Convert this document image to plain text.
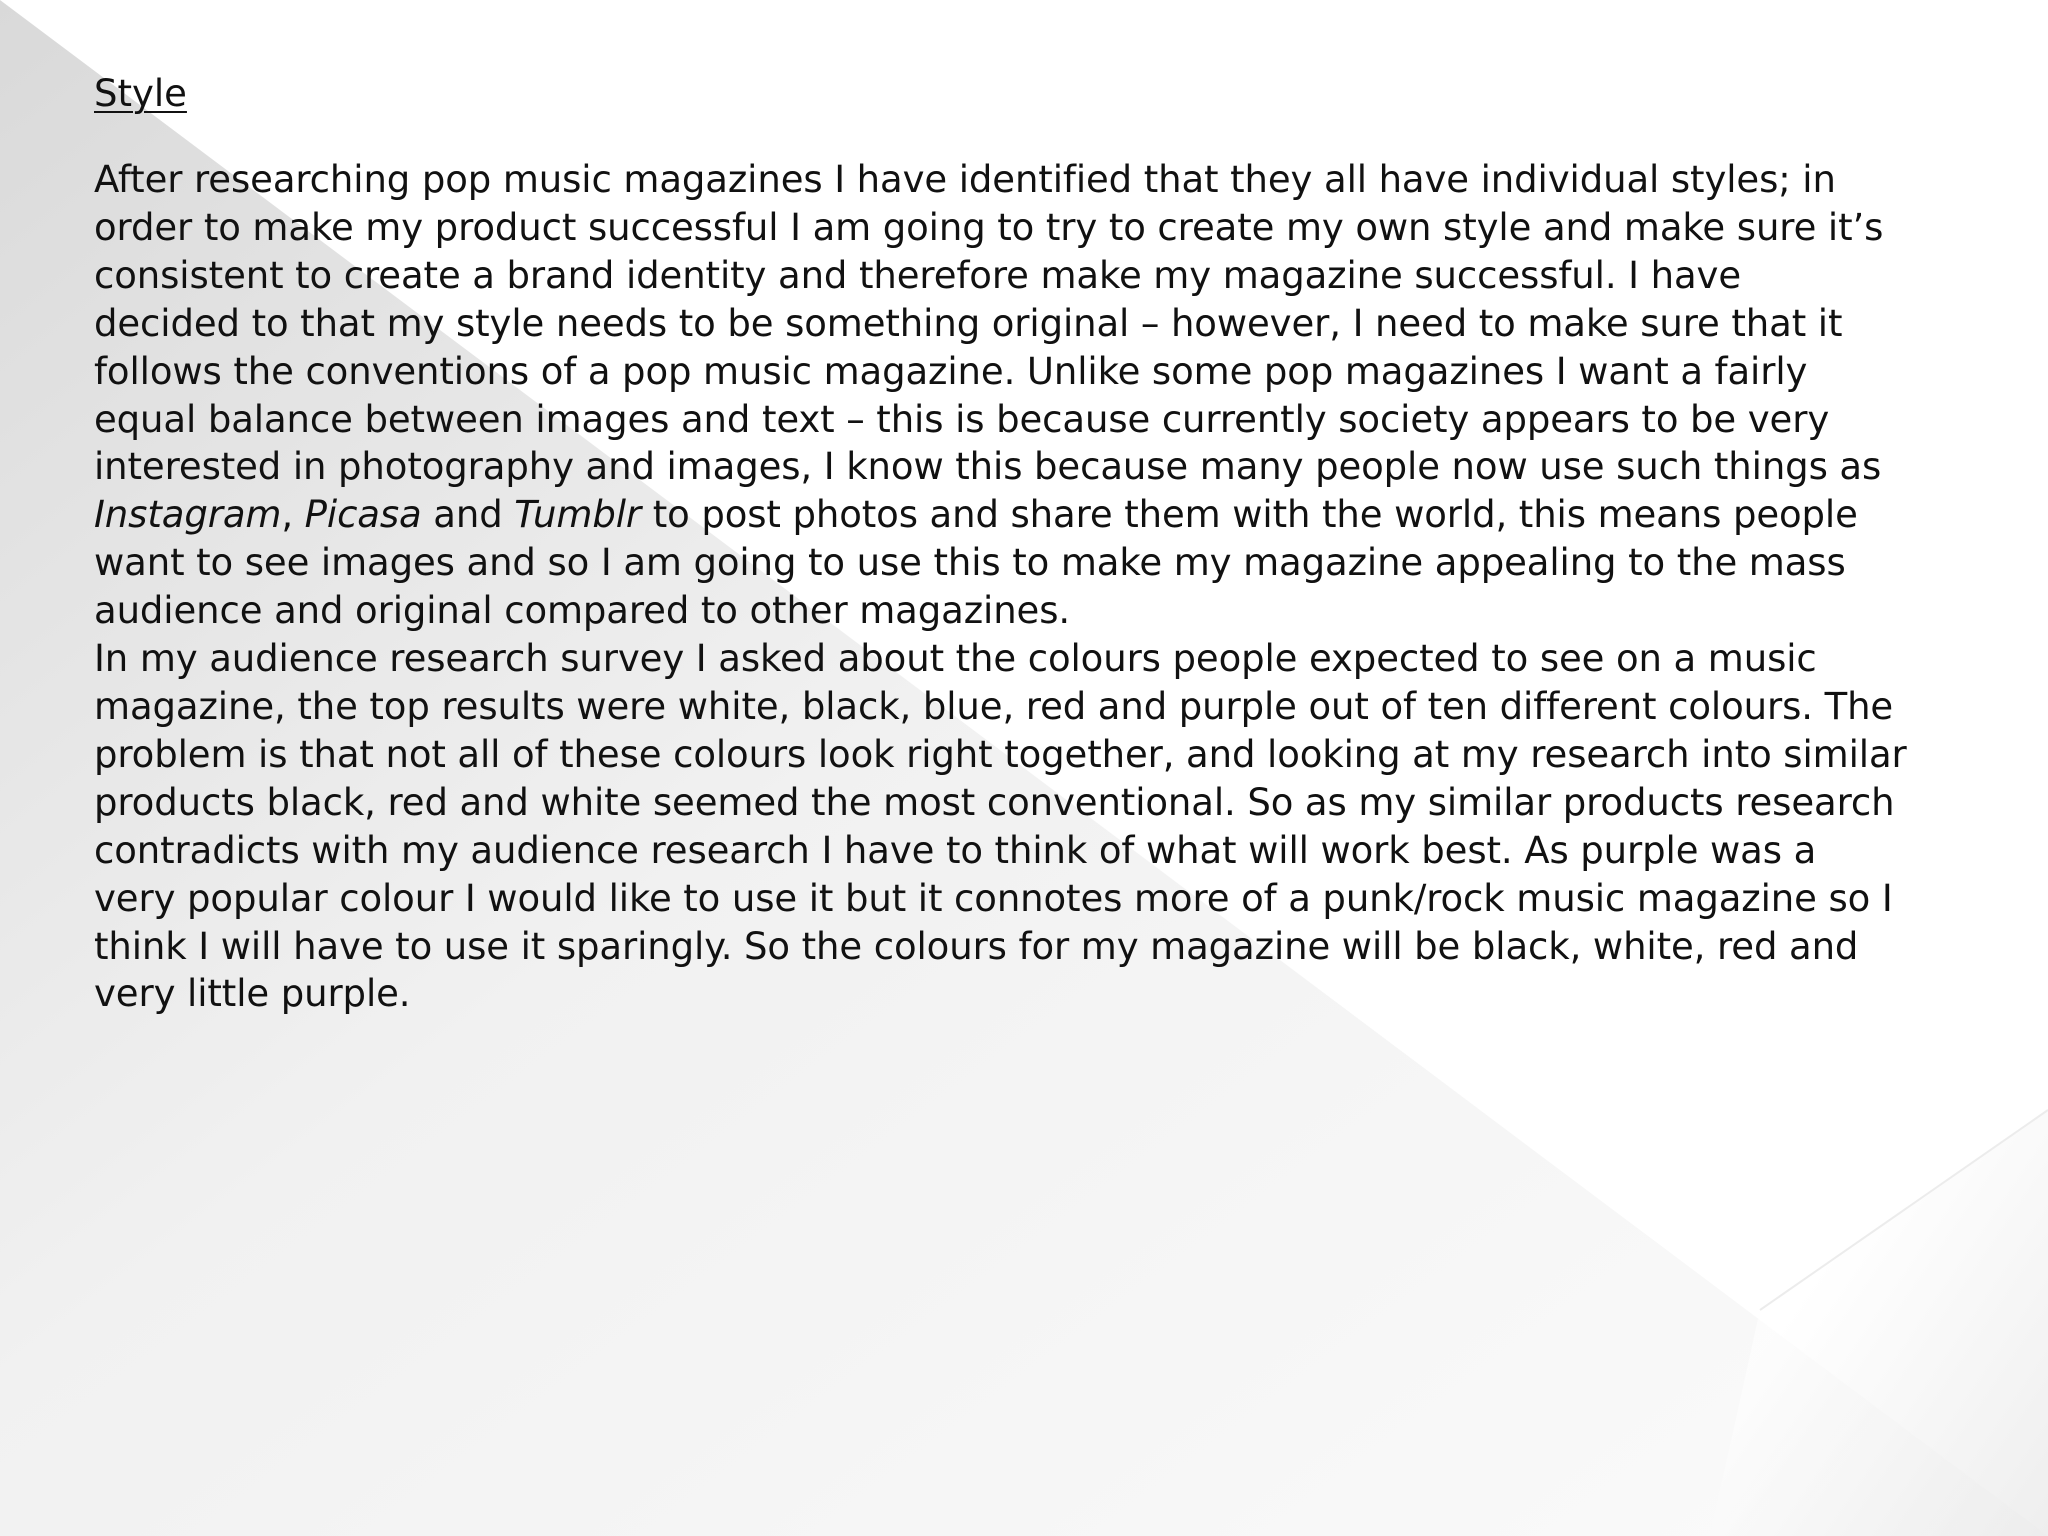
Style

After researching pop music magazines I have identified that they all have individual styles; in
order to make my product successful I am going to try to create my own style and make sure it’s
consistent to create a brand identity and therefore make my magazine successful. I have
decided to that my style needs to be something original – however, I need to make sure that it
follows the conventions of a pop music magazine. Unlike some pop magazines I want a fairly
equal balance between images and text – this is because currently society appears to be very
interested in photography and images, I know this because many people now use such things as
Instagram, Picasa and Tumblr to post photos and share them with the world, this means people
want to see images and so I am going to use this to make my magazine appealing to the mass
audience and original compared to other magazines.

In my audience research survey I asked about the colours people expected to see on a music
magazine, the top results were white, black, blue, red and purple out of ten different colours. The
problem is that not all of these colours look right together, and looking at my research into similar
products black, red and white seemed the most conventional. So as my similar products research
contradicts with my audience research I have to think of what will work best. As purple was a
very popular colour I would like to use it but it connotes more of a punk/rock music magazine so I
think I will have to use it sparingly. So the colours for my magazine will be black, white, red and
very little purple.
